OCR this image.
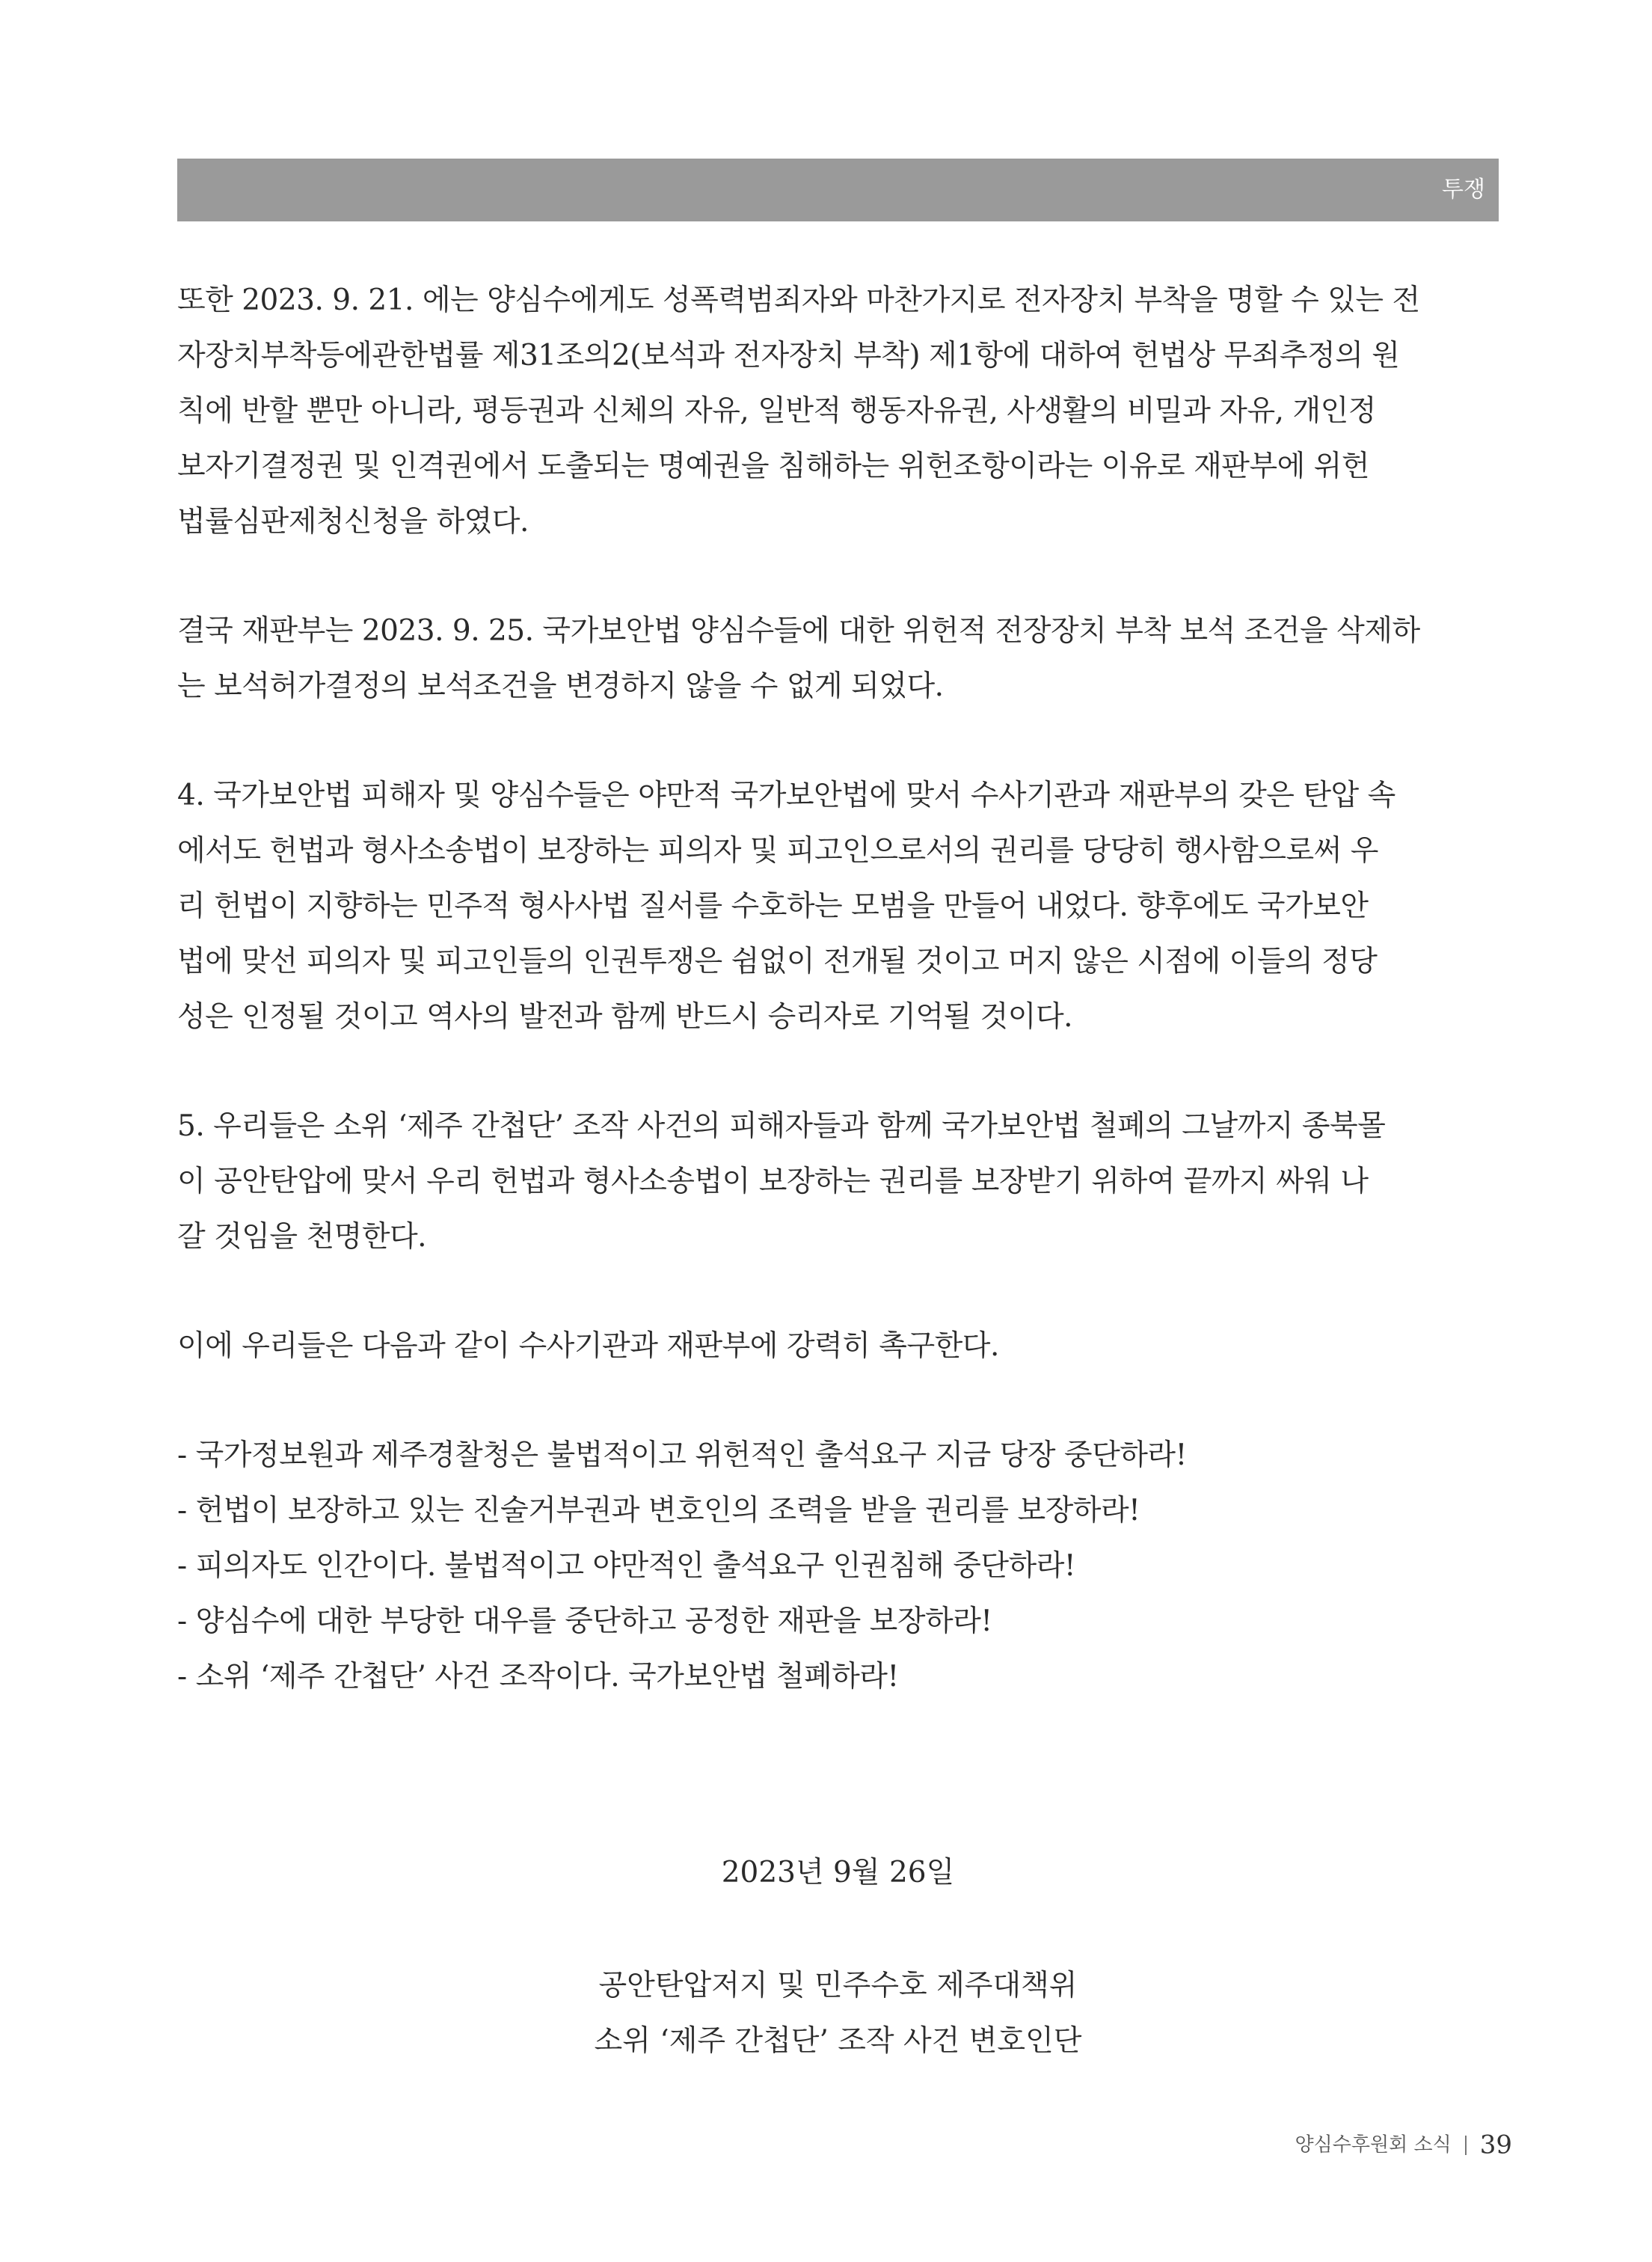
투쟁
또한 2023. 9. 21. 에는 양심수에게도 성폭력범죄자와 마찬가지로 전자장치 부착을 명할 수 있는 전
자장치부착등에관한법률 제31조의2(보석과 전자장치 부착) 제1항에 대하여 헌법상 무죄추정의 원
칙에 반할 뿐만 아니라, 평등권과 신체의 자유, 일반적 행동자유권, 사생활의 비밀과 자유, 개인정
보자기결정권 및 인격권에서 도출되는 명예권을 침해하는 위헌조항이라는 이유로 재판부에 위헌
법률심판제청신청을 하였다.
결국 재판부는 2023. 9. 25. 국가보안법 양심수들에 대한 위헌적 전장장치 부착 보석 조건을 삭제하
는 보석허가결정의 보석조건을 변경하지 않을 수 없게 되었다.
4. 국가보안법 피해자 및 양심수들은 야만적 국가보안법에 맞서 수사기관과 재판부의 갖은 탄압 속
에서도 헌법과 형사소송법이 보장하는 피의자 및 피고인으로서의 권리를 당당히 행사함으로써 우
리 헌법이 지향하는 민주적 형사사법 질서를 수호하는 모범을 만들어 내었다. 향후에도 국가보안
법에 맞선 피의자 및 피고인들의 인권투쟁은 쉼없이 전개될 것이고 머지 않은 시점에 이들의 정당
성은 인정될 것이고 역사의 발전과 함께 반드시 승리자로 기억될 것이다.
5. 우리들은 소위 ‘제주 간첩단’ 조작 사건의 피해자들과 함께 국가보안법 철폐의 그날까지 종북몰
이 공안탄압에 맞서 우리 헌법과 형사소송법이 보장하는 권리를 보장받기 위하여 끝까지 싸워 나
갈 것임을 천명한다.
이에 우리들은 다음과 같이 수사기관과 재판부에 강력히 촉구한다.
- 국가정보원과 제주경찰청은 불법적이고 위헌적인 출석요구 지금 당장 중단하라!
- 헌법이 보장하고 있는 진술거부권과 변호인의 조력을 받을 권리를 보장하라!
- 피의자도 인간이다. 불법적이고 야만적인 출석요구 인권침해 중단하라!
- 양심수에 대한 부당한 대우를 중단하고 공정한 재판을 보장하라!
- 소위 ‘제주 간첩단’ 사건 조작이다. 국가보안법 철폐하라!
2023년 9월 26일
공안탄압저지 및 민주수호 제주대책위
소위 ‘제주 간첩단’ 조작 사건 변호인단
양심수후원회 소식 39
